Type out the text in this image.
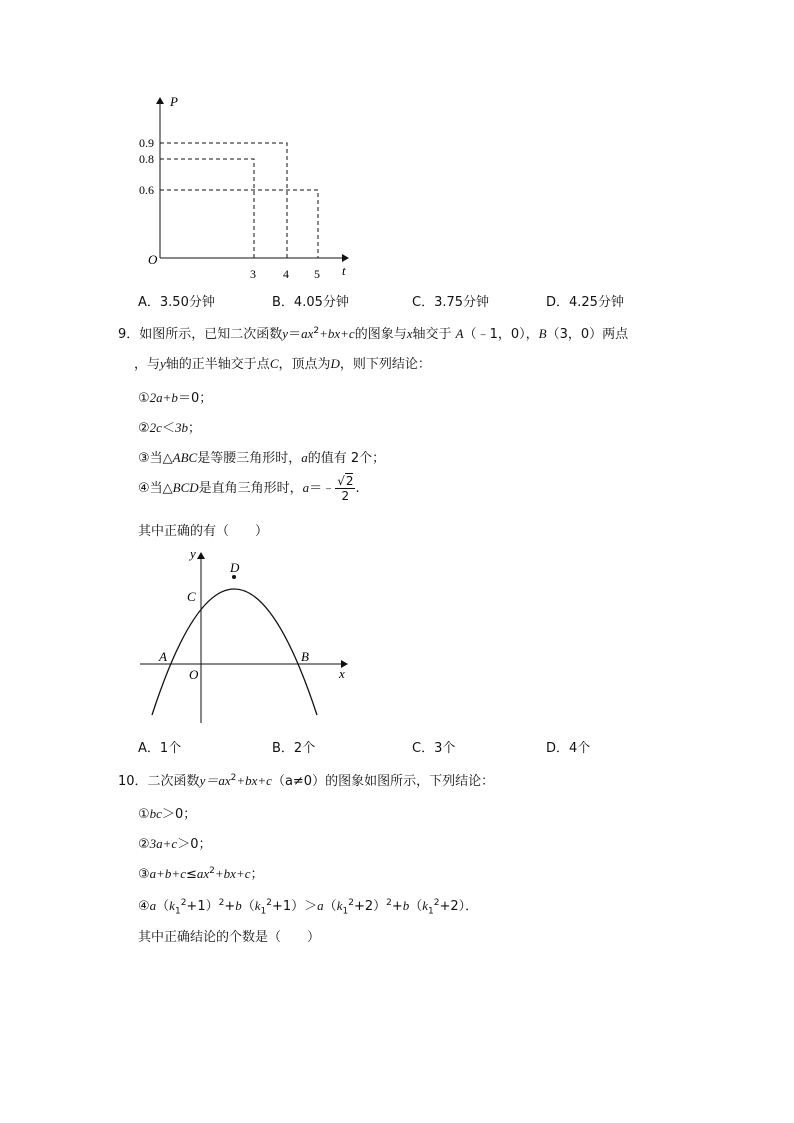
P
t
O
0.9
0.8
0.6
3 4 5
A．3.50分钟	B．4.05分钟	C．3.75分钟	D．4.25分钟
9．如图所示，已知二次函数$y=ax^2+bx+c$的图象与x轴交于 A（﹣1，0），B（3，0）两点
，与y轴的正半轴交于点C，顶点为D，则下列结论：
①2a+b＝0；
②2c＜3b；
③当△ABC是等腰三角形时，a的值有 2个；
④当△BCD是直角三角形时，a＝﹣ $\frac{√2}{2}$ .
其中正确的有（　　）
y
x
O
A	B
C
D
A．1个	B．2个	C．3个	D．4个
10．二次函数$y=ax^2+bx+c(a\ne 0)$的图象如图所示，下列结论：
①bc＞0；
②3a+c＞0；
$③a+b+c\le ax^2+bx+c$；
$④a(k_1^2+1)^2+b(k_1^2+1)>a(k_1^2+2)^2+b(k_1^2+2)$．
其中正确结论的个数是（　　）
